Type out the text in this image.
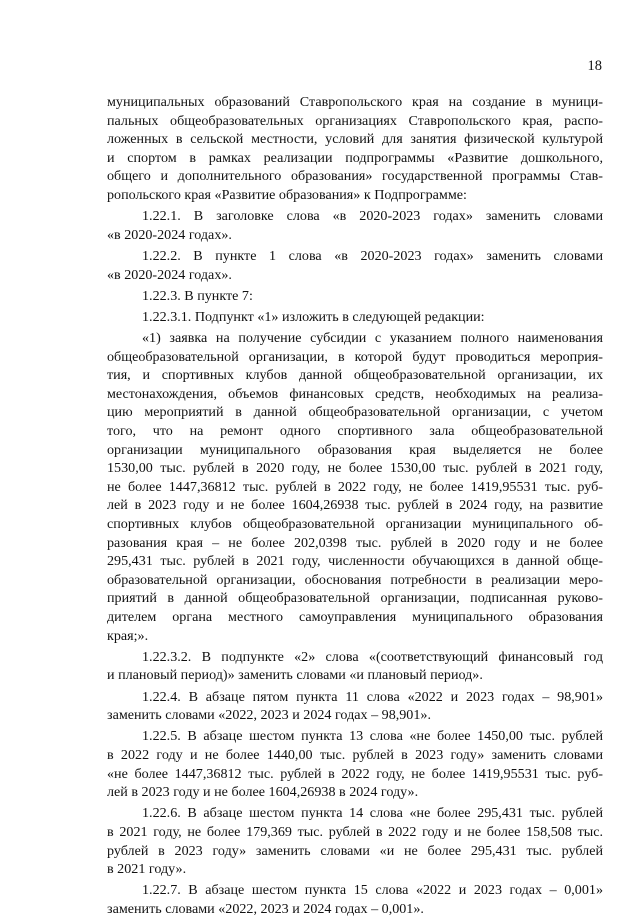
18
муниципальных образований Ставропольского края на создание в муници-
пальных общеобразовательных организациях Ставропольского края, распо-
ложенных в сельской местности, условий для занятия физической культурой
и спортом в рамках реализации подпрограммы «Развитие дошкольного,
общего и дополнительного образования» государственной программы Став-
ропольского края «Развитие образования» к Подпрограмме:
1.22.1. В заголовке слова «в 2020-2023 годах» заменить словами
«в 2020-2024 годах».
1.22.2. В пункте 1 слова «в 2020-2023 годах» заменить словами
«в 2020-2024 годах».
1.22.3. В пункте 7:
1.22.3.1. Подпункт «1» изложить в следующей редакции:
«1) заявка на получение субсидии с указанием полного наименования
общеобразовательной организации, в которой будут проводиться мероприя-
тия, и спортивных клубов данной общеобразовательной организации, их
местонахождения, объемов финансовых средств, необходимых на реализа-
цию мероприятий в данной общеобразовательной организации, с учетом
того, что на ремонт одного спортивного зала общеобразовательной
организации муниципального образования края выделяется не более
1530,00 тыс. рублей в 2020 году, не более 1530,00 тыс. рублей в 2021 году,
не более 1447,36812 тыс. рублей в 2022 году, не более 1419,95531 тыс. руб-
лей в 2023 году и не более 1604,26938 тыс. рублей в 2024 году, на развитие
спортивных клубов общеобразовательной организации муниципального об-
разования края – не более 202,0398 тыс. рублей в 2020 году и не более
295,431 тыс. рублей в 2021 году, численности обучающихся в данной обще-
образовательной организации, обоснования потребности в реализации меро-
приятий в данной общеобразовательной организации, подписанная руково-
дителем органа местного самоуправления муниципального образования
края;».
1.22.3.2. В подпункте «2» слова «(соответствующий финансовый год
и плановый период)» заменить словами «и плановый период».
1.22.4. В абзаце пятом пункта 11 слова «2022 и 2023 годах – 98,901»
заменить словами «2022, 2023 и 2024 годах – 98,901».
1.22.5. В абзаце шестом пункта 13 слова «не более 1450,00 тыс. рублей
в 2022 году и не более 1440,00 тыс. рублей в 2023 году» заменить словами
«не более 1447,36812 тыс. рублей в 2022 году, не более 1419,95531 тыс. руб-
лей в 2023 году и не более 1604,26938 в 2024 году».
1.22.6. В абзаце шестом пункта 14 слова «не более 295,431 тыс. рублей
в 2021 году, не более 179,369 тыс. рублей в 2022 году и не более 158,508 тыс.
рублей в 2023 году» заменить словами «и не более 295,431 тыс. рублей
в 2021 году».
1.22.7. В абзаце шестом пункта 15 слова «2022 и 2023 годах – 0,001»
заменить словами «2022, 2023 и 2024 годах – 0,001».
